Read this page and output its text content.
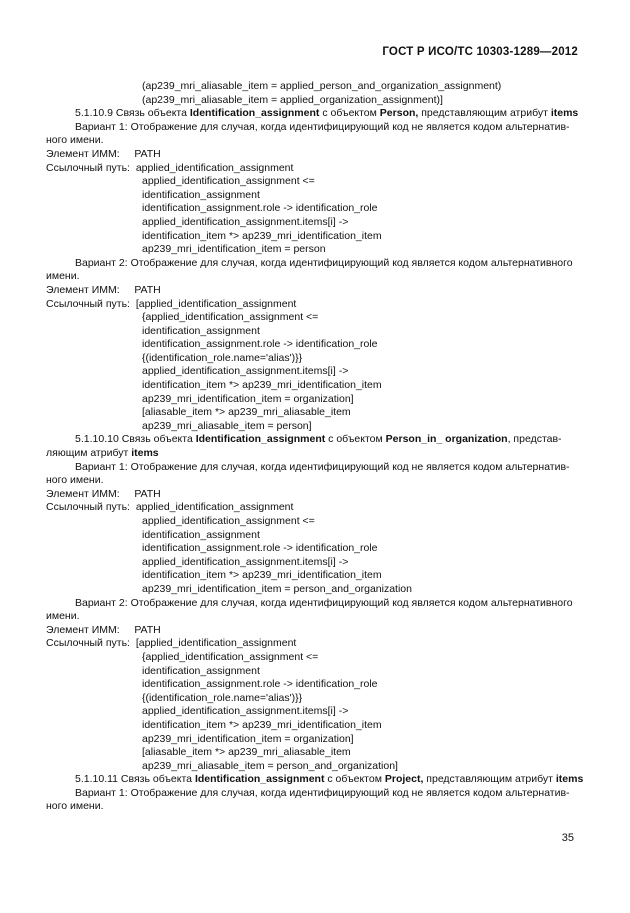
ГОСТ Р ИСО/ТС 10303-1289—2012
(ap239_mri_aliasable_item = applied_person_and_organization_assignment)
(ap239_mri_aliasable_item = applied_organization_assignment)]
5.1.10.9 Связь объекта Identification_assignment с объектом Person, представляющим атрибут items
Вариант 1: Отображение для случая, когда идентифицирующий код не является кодом альтернатив-
ного имени.
Элемент ИММ: PATH
Ссылочный путь: applied_identification_assignment
applied_identification_assignment <=
identification_assignment
identification_assignment.role -> identification_role
applied_identification_assignment.items[i] ->
identification_item *> ap239_mri_identification_item
ap239_mri_identification_item = person
Вариант 2: Отображение для случая, когда идентифицирующий код является кодом альтернативного
имени.
Элемент ИММ: PATH
Ссылочный путь: [applied_identification_assignment
{applied_identification_assignment <=
identification_assignment
identification_assignment.role -> identification_role
{(identification_role.name='alias')}}
applied_identification_assignment.items[i] ->
identification_item *> ap239_mri_identification_item
ap239_mri_identification_item = organization]
[aliasable_item *> ap239_mri_aliasable_item
ap239_mri_aliasable_item = person]
5.1.10.10 Связь объекта Identification_assignment с объектом Person_in_ organization, представ-
ляющим атрибут items
Вариант 1: Отображение для случая, когда идентифицирующий код не является кодом альтернатив-
ного имени.
Элемент ИММ: PATH
Ссылочный путь: applied_identification_assignment
applied_identification_assignment <=
identification_assignment
identification_assignment.role -> identification_role
applied_identification_assignment.items[i] ->
identification_item *> ap239_mri_identification_item
ap239_mri_identification_item = person_and_organization
Вариант 2: Отображение для случая, когда идентифицирующий код является кодом альтернативного
имени.
Элемент ИММ: PATH
Ссылочный путь: [applied_identification_assignment
{applied_identification_assignment <=
identification_assignment
identification_assignment.role -> identification_role
{(identification_role.name='alias')}}
applied_identification_assignment.items[i] ->
identification_item *> ap239_mri_identification_item
ap239_mri_identification_item = organization]
[aliasable_item *> ap239_mri_aliasable_item
ap239_mri_aliasable_item = person_and_organization]
5.1.10.11 Связь объекта Identification_assignment с объектом Project, представляющим атрибут items
Вариант 1: Отображение для случая, когда идентифицирующий код не является кодом альтернатив-
ного имени.
35
